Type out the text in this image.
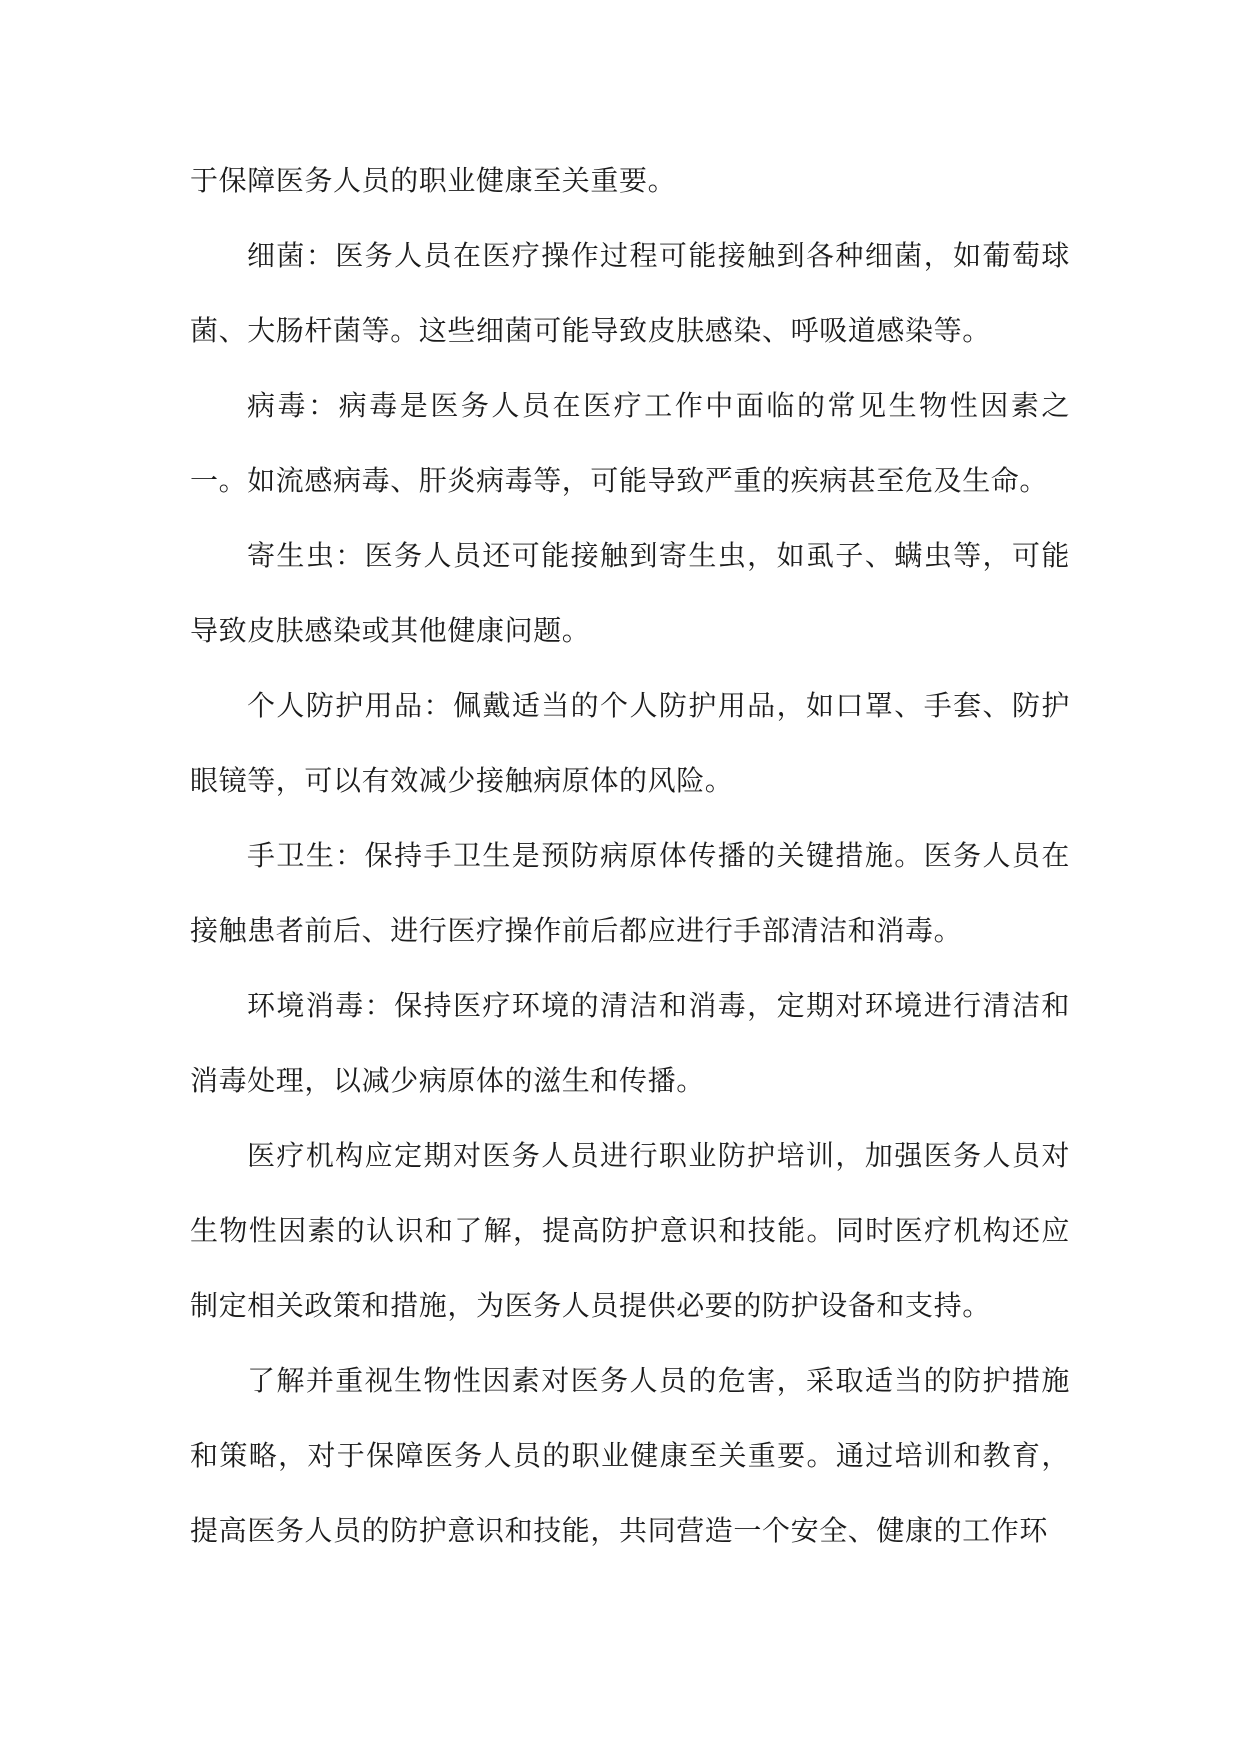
于保障医务人员的职业健康至关重要。

细菌：医务人员在医疗操作过程可能接触到各种细菌，如葡萄球菌、大肠杆菌等。这些细菌可能导致皮肤感染、呼吸道感染等。

病毒：病毒是医务人员在医疗工作中面临的常见生物性因素之一。如流感病毒、肝炎病毒等，可能导致严重的疾病甚至危及生命。

寄生虫：医务人员还可能接触到寄生虫，如虱子、螨虫等，可能导致皮肤感染或其他健康问题。

个人防护用品：佩戴适当的个人防护用品，如口罩、手套、防护眼镜等，可以有效减少接触病原体的风险。

手卫生：保持手卫生是预防病原体传播的关键措施。医务人员在接触患者前后、进行医疗操作前后都应进行手部清洁和消毒。

环境消毒：保持医疗环境的清洁和消毒，定期对环境进行清洁和消毒处理，以减少病原体的滋生和传播。

医疗机构应定期对医务人员进行职业防护培训，加强医务人员对生物性因素的认识和了解，提高防护意识和技能。同时医疗机构还应制定相关政策和措施，为医务人员提供必要的防护设备和支持。

了解并重视生物性因素对医务人员的危害，采取适当的防护措施和策略，对于保障医务人员的职业健康至关重要。通过培训和教育，提高医务人员的防护意识和技能，共同营造一个安全、健康的工作环
